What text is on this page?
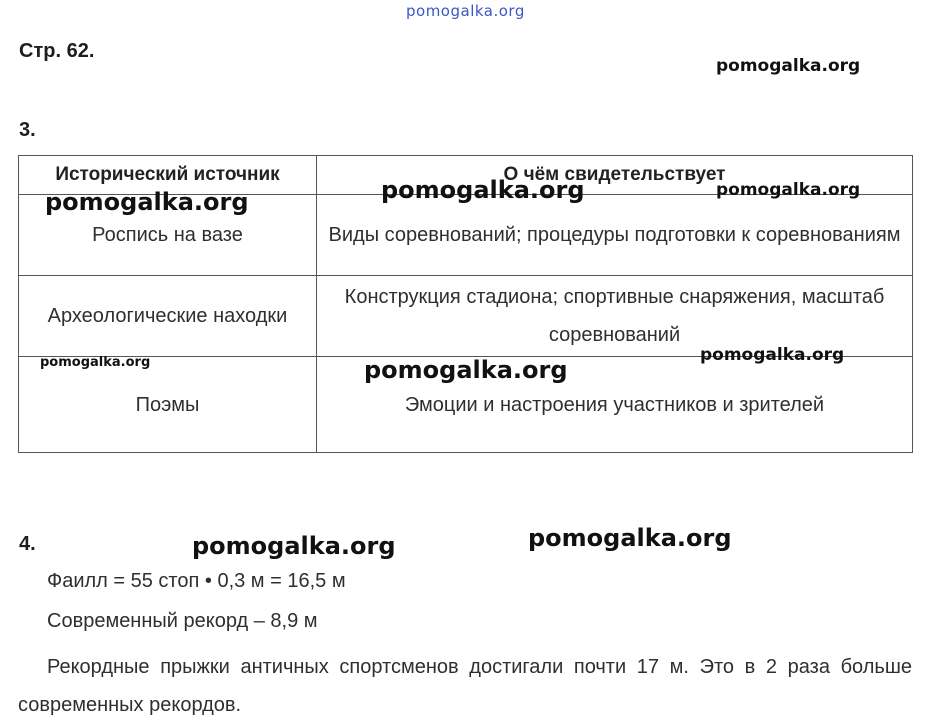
pomogalka.org
Стр. 62.
pomogalka.org
3.
Исторический источник	О чём свидетельствует
Роспись на вазе	Виды соревнований; процедуры подготовки к соревнованиям
Археологические находки	Конструкция стадиона; спортивные снаряжения, масштаб соревнований
Поэмы	Эмоции и настроения участников и зрителей
pomogalka.org	pomogalka.org
pomogalka.org
pomogalka.org
pomogalka.org	pomogalka.org
4.	pomogalka.org
pomogalka.org
Фаилл = 55 стоп • 0,3 м = 16,5 м
Современный рекорд – 8,9 м
Рекордные прыжки античных спортсменов достигали почти 17 м. Это в 2 раза больше современных рекордов.
